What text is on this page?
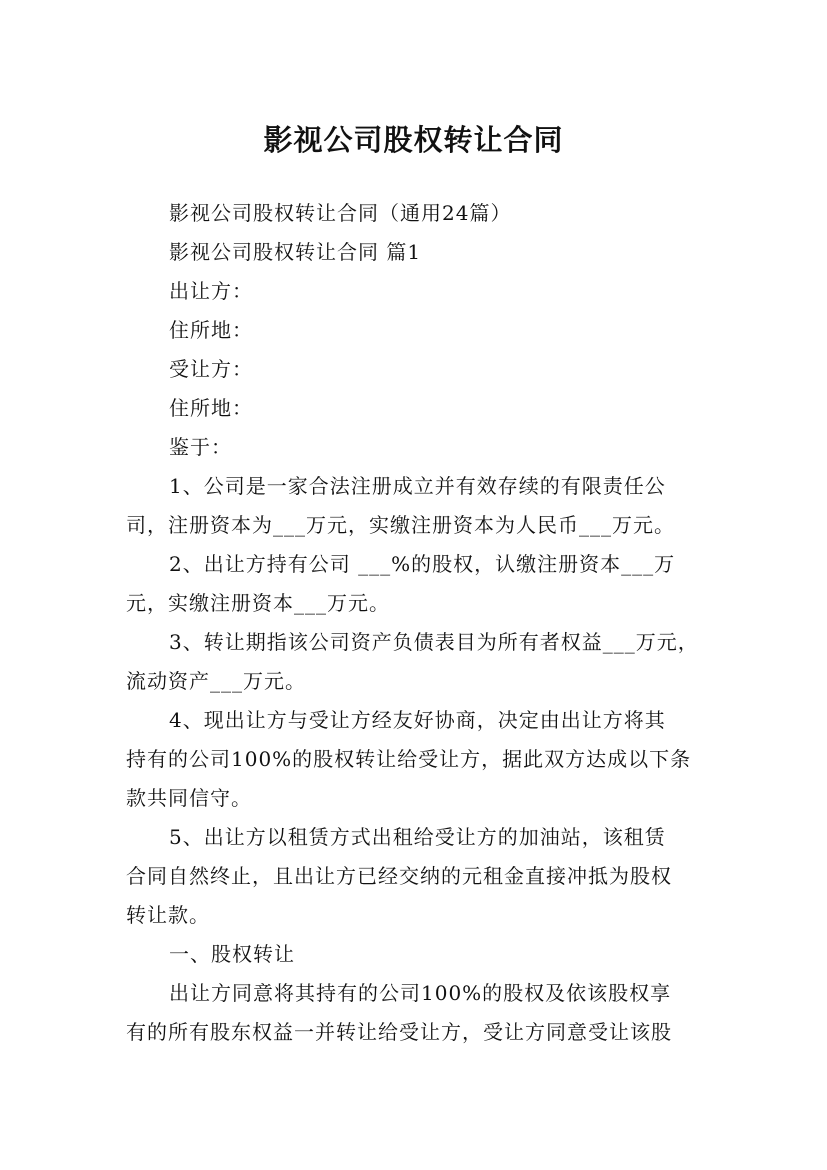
影视公司股权转让合同
影视公司股权转让合同（通用24篇）
影视公司股权转让合同 篇1
出让方：
住所地：
受让方：
住所地：
鉴于：
1、公司是一家合法注册成立并有效存续的有限责任公
司，注册资本为___万元，实缴注册资本为人民币___万元。
2、出让方持有公司 ___%的股权，认缴注册资本___万
元，实缴注册资本___万元。
3、转让期指该公司资产负债表目为所有者权益___万元，
流动资产___万元。
4、现出让方与受让方经友好协商，决定由出让方将其
持有的公司100%的股权转让给受让方，据此双方达成以下条
款共同信守。
5、出让方以租赁方式出租给受让方的加油站，该租赁
合同自然终止，且出让方已经交纳的元租金直接冲抵为股权
转让款。
一、股权转让
出让方同意将其持有的公司100%的股权及依该股权享
有的所有股东权益一并转让给受让方，受让方同意受让该股
